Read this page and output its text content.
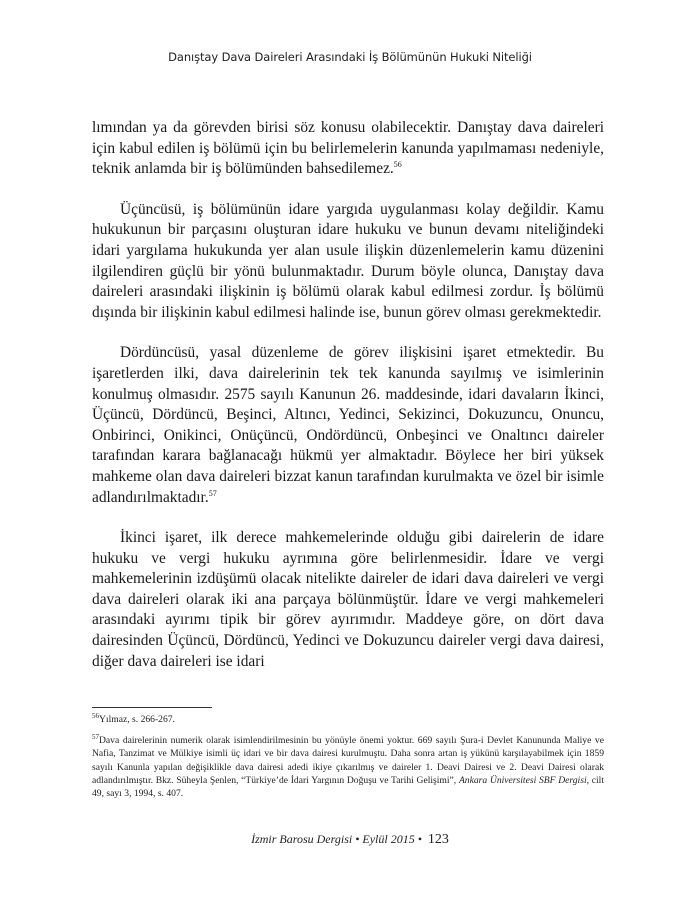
Danıştay Dava Daireleri Arasındaki İş Bölümünün Hukuki Niteliği

lımından ya da görevden birisi söz konusu olabilecektir. Danıştay dava daireleri için kabul edilen iş bölümü için bu belirlemelerin kanunda yapılmaması nedeniyle, teknik anlamda bir iş bölümünden bahsedilemez.$^{56}$

Üçüncüsü, iş bölümünün idare yargıda uygulanması kolay değildir. Kamu hukukunun bir parçasını oluşturan idare hukuku ve bunun devamı niteliğindeki idari yargılama hukukunda yer alan usule ilişkin düzenlemelerin kamu düzenini ilgilendiren güçlü bir yönü bulunmaktadır. Durum böyle olunca, Danıştay dava daireleri arasındaki ilişkinin iş bölümü olarak kabul edilmesi zordur. İş bölümü dışında bir ilişkinin kabul edilmesi halinde ise, bunun görev olması gerekmektedir.

Dördüncüsü, yasal düzenleme de görev ilişkisini işaret etmektedir. Bu işaretlerden ilki, dava dairelerinin tek tek kanunda sayılmış ve isimlerinin konulmuş olmasıdır. 2575 sayılı Kanunun 26. maddesinde, idari davaların İkinci, Üçüncü, Dördüncü, Beşinci, Altıncı, Yedinci, Sekizinci, Dokuzuncu, Onuncu, Onbirinci, Onikinci, Onüçüncü, Ondördüncü, Onbeşinci ve Onaltıncı daireler tarafından karara bağlanacağı hükmü yer almaktadır. Böylece her biri yüksek mahkeme olan dava daireleri bizzat kanun tarafından kurulmakta ve özel bir isimle adlandırılmaktadır.$^{57}$

İkinci işaret, ilk derece mahkemelerinde olduğu gibi dairelerin de idare hukuku ve vergi hukuku ayrımına göre belirlenmesidir. İdare ve vergi mahkemelerinin izdüşümü olacak nitelikte daireler de idari dava daireleri ve vergi dava daireleri olarak iki ana parçaya bölünmüştür. İdare ve vergi mahkemeleri arasındaki ayırımı tipik bir görev ayırımıdır. Maddeye göre, on dört dava dairesinden Üçüncü, Dördüncü, Yedinci ve Dokuzuncu daireler vergi dava dairesi, diğer dava daireleri ise idari

$^{56}$Yılmaz, s. 266-267.

$^{57}$Dava dairelerinin numerik olarak isimlendirilmesinin bu yönüyle önemi yoktur. 669 sayılı Şura-i Devlet Kanununda Maliye ve Nafia, Tanzimat ve Mülkiye isimli üç idari ve bir dava dairesi kurulmuştu. Daha sonra artan iş yükünü karşılayabilmek için 1859 sayılı Kanunla yapılan değişiklikle dava dairesi adedi ikiye çıkarılmış ve daireler 1. Deavi Dairesi ve 2. Deavi Dairesi olarak adlandırılmıştır. Bkz. Süheyla Şenlen, “Türkiye’de İdari Yargının Doğuşu ve Tarihi Gelişimi”, Ankara Üniversitesi SBF Dergisi, cilt 49, sayı 3, 1994, s. 407.

İzmir Barosu Dergisi • Eylül 2015 • 123
